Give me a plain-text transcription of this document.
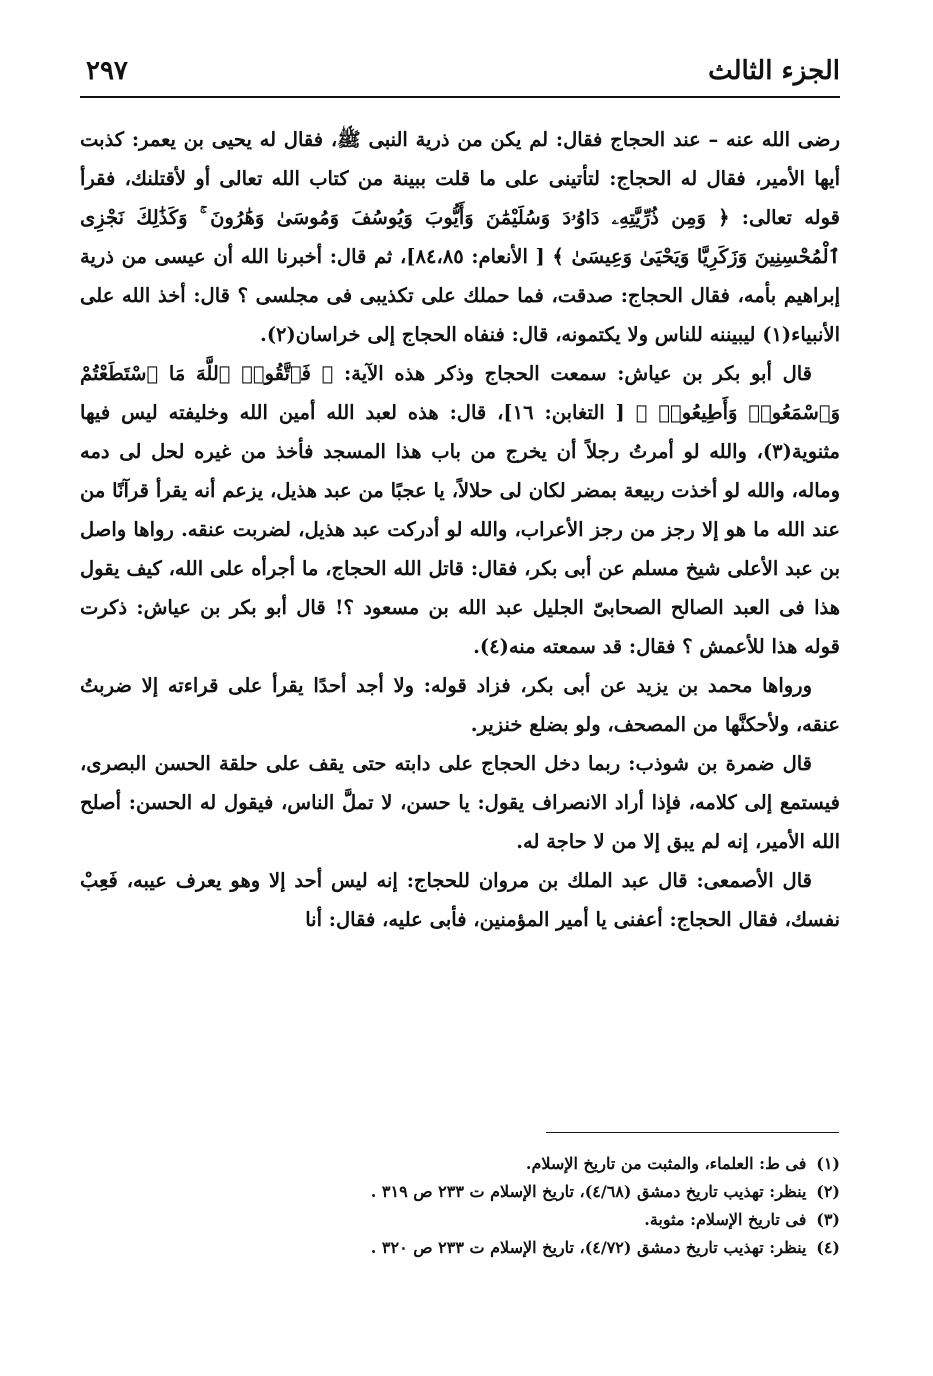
الجزء الثالث
٢٩٧

رضى الله عنه – عند الحجاج فقال: لم يكن من ذرية النبى ﷺ، فقال له يحيى بن يعمر: كذبت أيها الأمير، فقال له الحجاج: لتأتينى على ما قلت ببينة من كتاب الله تعالى أو لأقتلنك، فقرأ قوله تعالى: ﴿ وَمِن ذُرِّيَّتِهِۦ دَاوُۥدَ وَسُلَيْمَٰنَ وَأَيُّوبَ وَيُوسُفَ وَمُوسَىٰ وَهَٰرُونَ ۚ وَكَذَٰلِكَ نَجْزِى ٱلْمُحْسِنِينَ وَزَكَرِيَّا وَيَحْيَىٰ وَعِيسَىٰ ﴾ [ الأنعام: ٨٤،٨٥]، ثم قال: أخبرنا الله أن عيسى من ذرية إبراهيم بأمه، فقال الحجاج: صدقت، فما حملك على تكذيبى فى مجلسى ؟ قال: أخذ الله على الأنبياء(١) ليبيننه للناس ولا يكتمونه، قال: فنفاه الحجاج إلى خراسان(٢).

قال أبو بكر بن عياش: سمعت الحجاج وذكر هذه الآية: ﴿ فَٱتَّقُوا۟ ٱللَّهَ مَا ٱسْتَطَعْتُمْ وَٱسْمَعُوا۟ وَأَطِيعُوا۟ ﴾ [ التغابن: ١٦]، قال: هذه لعبد الله أمين الله وخليفته ليس فيها مثنوية(٣)، والله لو أمرتُ رجلاً أن يخرج من باب هذا المسجد فأخذ من غيره لحل لى دمه وماله، والله لو أخذت ربيعة بمضر لكان لى حلالاً، يا عجبًا من عبد هذيل، يزعم أنه يقرأ قرآنًا من عند الله ما هو إلا رجز من رجز الأعراب، والله لو أدركت عبد هذيل، لضربت عنقه. رواها واصل بن عبد الأعلى شيخ مسلم عن أبى بكر، فقال: قاتل الله الحجاج، ما أجرأه على الله، كيف يقول هذا فى العبد الصالح الصحابىّ الجليل عبد الله بن مسعود ؟! قال أبو بكر بن عياش: ذكرت قوله هذا للأعمش ؟ فقال: قد سمعته منه(٤).

ورواها محمد بن يزيد عن أبى بكر، فزاد قوله: ولا أجد أحدًا يقرأ على قراءته إلا ضربتُ عنقه، ولأحكنَّها من المصحف، ولو بضلع خنزير.

قال ضمرة بن شوذب: ربما دخل الحجاج على دابته حتى يقف على حلقة الحسن البصرى، فيستمع إلى كلامه، فإذا أراد الانصراف يقول: يا حسن، لا تملَّ الناس، فيقول له الحسن: أصلح الله الأمير، إنه لم يبق إلا من لا حاجة له.

قال الأصمعى: قال عبد الملك بن مروان للحجاج: إنه ليس أحد إلا وهو يعرف عيبه، فَعِبْ نفسك، فقال الحجاج: أعفنى يا أمير المؤمنين، فأبى عليه، فقال: أنا

(١) فى ط: العلماء، والمثبت من تاريخ الإسلام.
(٢) ينظر: تهذيب تاريخ دمشق (٤/٦٨)، تاريخ الإسلام ت ٢٣٣ ص ٣١٩ .
(٣) فى تاريخ الإسلام: مثوبة.
(٤) ينظر: تهذيب تاريخ دمشق (٤/٧٢)، تاريخ الإسلام ت ٢٣٣ ص ٣٢٠ .
